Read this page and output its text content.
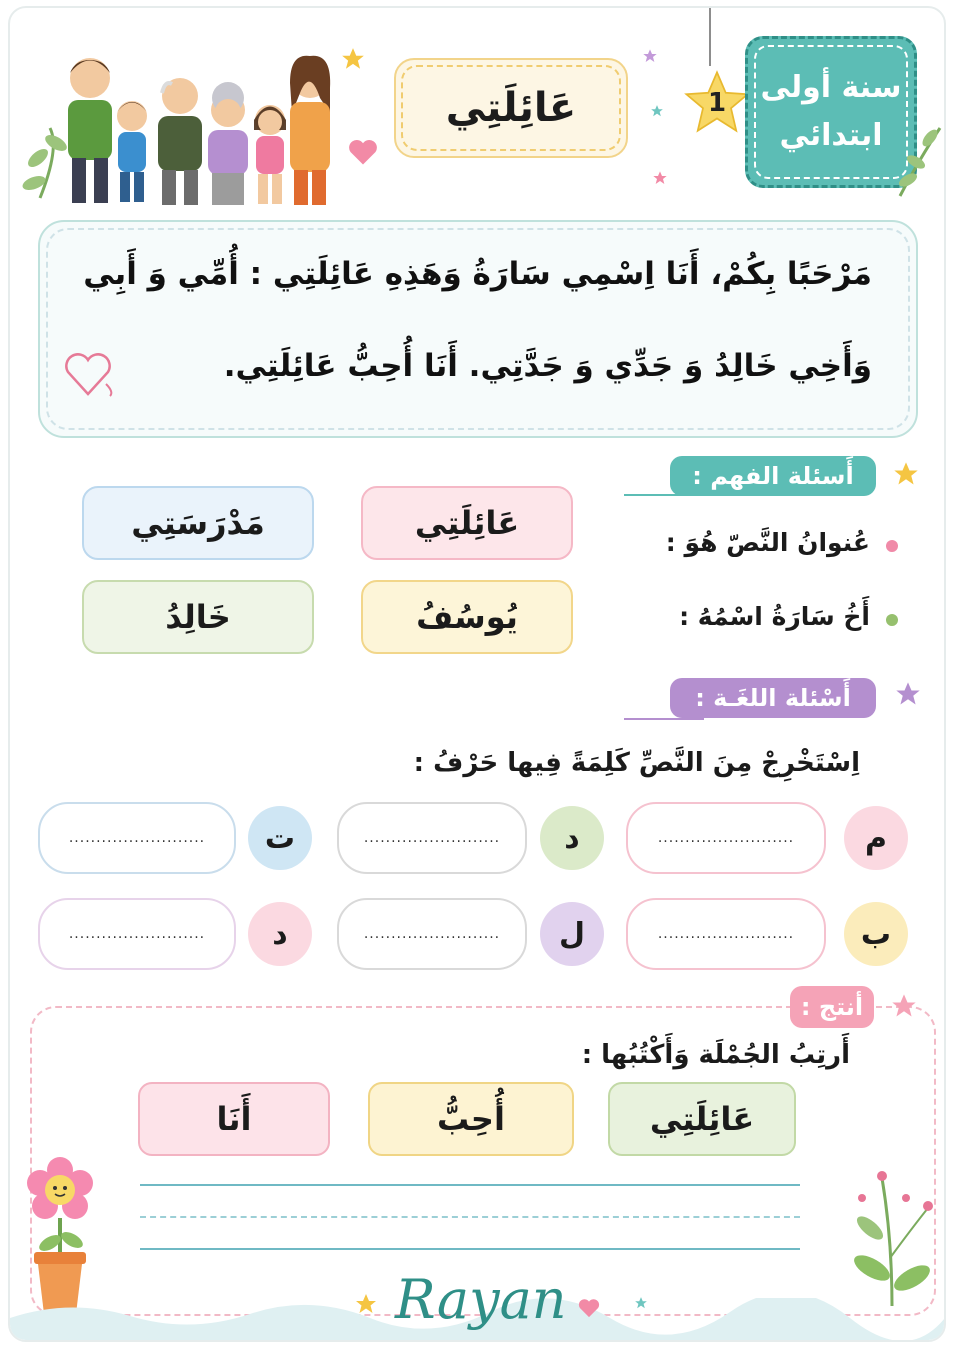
1	سنة أولى
ابتدائي
عَائِلَتِي
مَرْحَبًا بِكُمْ، أَنَا اِسْمِي سَارَةُ وَهَذِهِ عَائِلَتِي : أُمِّي وَ أَبِي
وَأَخِي خَالِدُ وَ جَدِّي وَ جَدَّتِي. أَنَا أُحِبُّ عَائِلَتِي.
أَسئلة الفهم :
عُنوانُ النَّصّ هُوَ :
عَائِلَتِي
مَدْرَسَتِي
أَخُ سَارَةُ اسْمُهُ :
يُوسُفُ
خَالِدُ
أَسْئلة اللغَـة :
اِسْتَخْرِجْ مِنَ النَّصِّ كَلِمَةً فِيها حَرْفُ :
م
.........................
د
.........................
ت
.........................
ب
.........................
ل
.........................
د
.........................
أنتج :
أَرتِبُ الجُمْلَة وَأَكْتُبُها :
عَائِلَتِي
أُحِبُّ
أَنَا
Rayan
